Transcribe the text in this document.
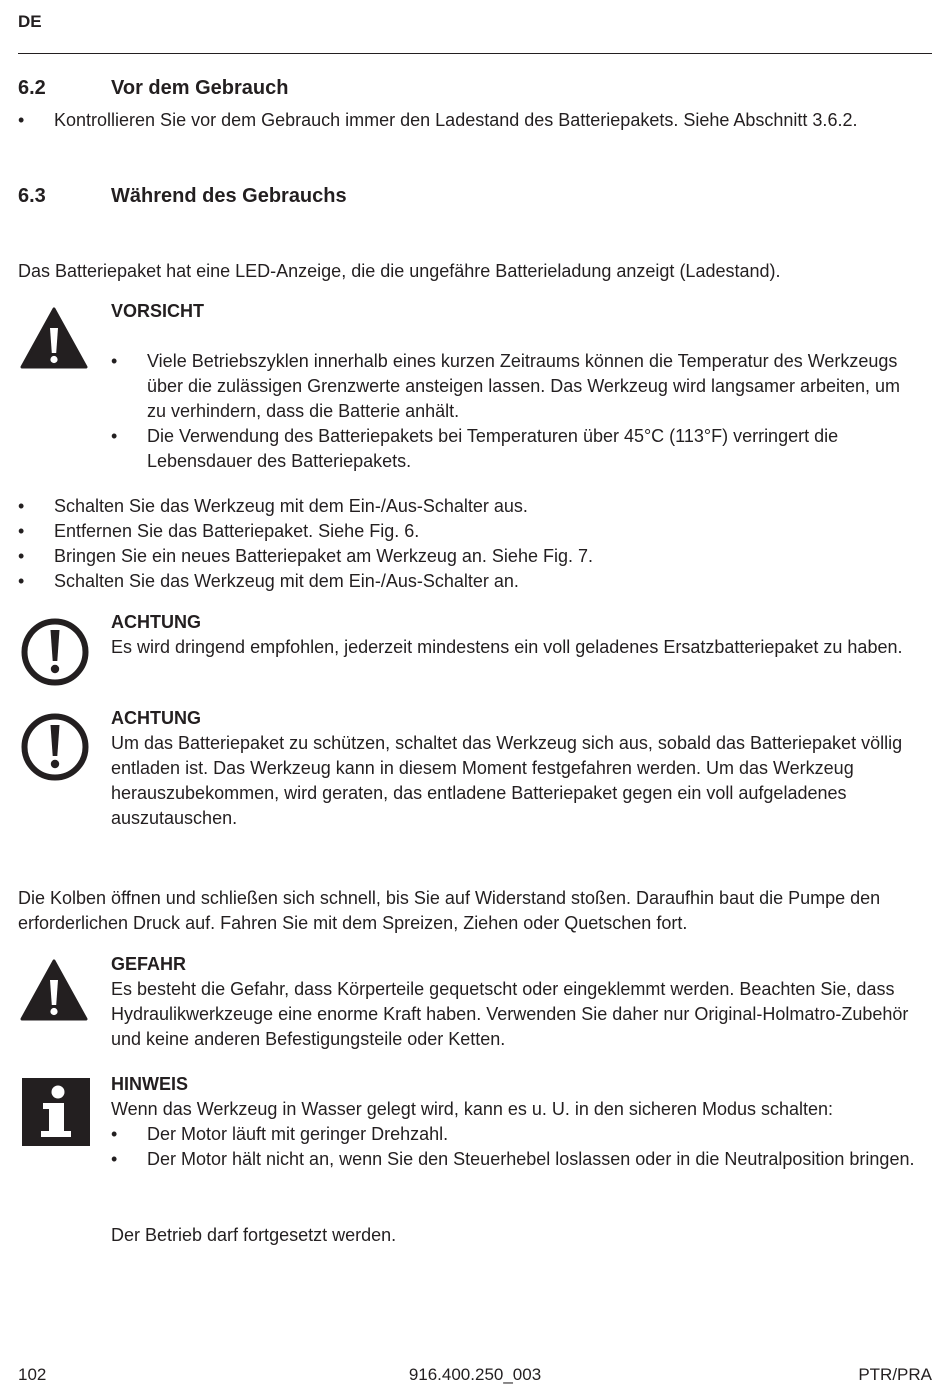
DE
6.2	Vor dem Gebrauch
• Kontrollieren Sie vor dem Gebrauch immer den Ladestand des Batteriepakets. Siehe Abschnitt 3.6.2.
6.3	Während des Gebrauchs
Das Batteriepaket hat eine LED-Anzeige, die die ungefähre Batterieladung anzeigt (Ladestand).
VORSICHT
• Viele Betriebszyklen innerhalb eines kurzen Zeitraums können die Temperatur des Werkzeugs über die zulässigen Grenzwerte ansteigen lassen. Das Werkzeug wird langsamer arbeiten, um zu verhindern, dass die Batterie anhält.
• Die Verwendung des Batteriepakets bei Temperaturen über 45°C (113°F) verringert die Lebensdauer des Batteriepakets.
• Schalten Sie das Werkzeug mit dem Ein-/Aus-Schalter aus.
• Entfernen Sie das Batteriepaket. Siehe Fig. 6.
• Bringen Sie ein neues Batteriepaket am Werkzeug an. Siehe Fig. 7.
• Schalten Sie das Werkzeug mit dem Ein-/Aus-Schalter an.
ACHTUNG
Es wird dringend empfohlen, jederzeit mindestens ein voll geladenes Ersatzbatteriepaket zu haben.
ACHTUNG
Um das Batteriepaket zu schützen, schaltet das Werkzeug sich aus, sobald das Batteriepaket völlig entladen ist. Das Werkzeug kann in diesem Moment festgefahren werden. Um das Werkzeug herauszubekommen, wird geraten, das entladene Batteriepaket gegen ein voll aufgeladenes auszutauschen.
Die Kolben öffnen und schließen sich schnell, bis Sie auf Widerstand stoßen. Daraufhin baut die Pumpe den erforderlichen Druck auf. Fahren Sie mit dem Spreizen, Ziehen oder Quetschen fort.
GEFAHR
Es besteht die Gefahr, dass Körperteile gequetscht oder eingeklemmt werden. Beachten Sie, dass Hydraulikwerkzeuge eine enorme Kraft haben. Verwenden Sie daher nur Original-Holmatro-Zubehör und keine anderen Befestigungsteile oder Ketten.
HINWEIS
Wenn das Werkzeug in Wasser gelegt wird, kann es u. U. in den sicheren Modus schalten:
• Der Motor läuft mit geringer Drehzahl.
• Der Motor hält nicht an, wenn Sie den Steuerhebel loslassen oder in die Neutralposition bringen.
Der Betrieb darf fortgesetzt werden.
102	916.400.250_003	PTR/PRA
